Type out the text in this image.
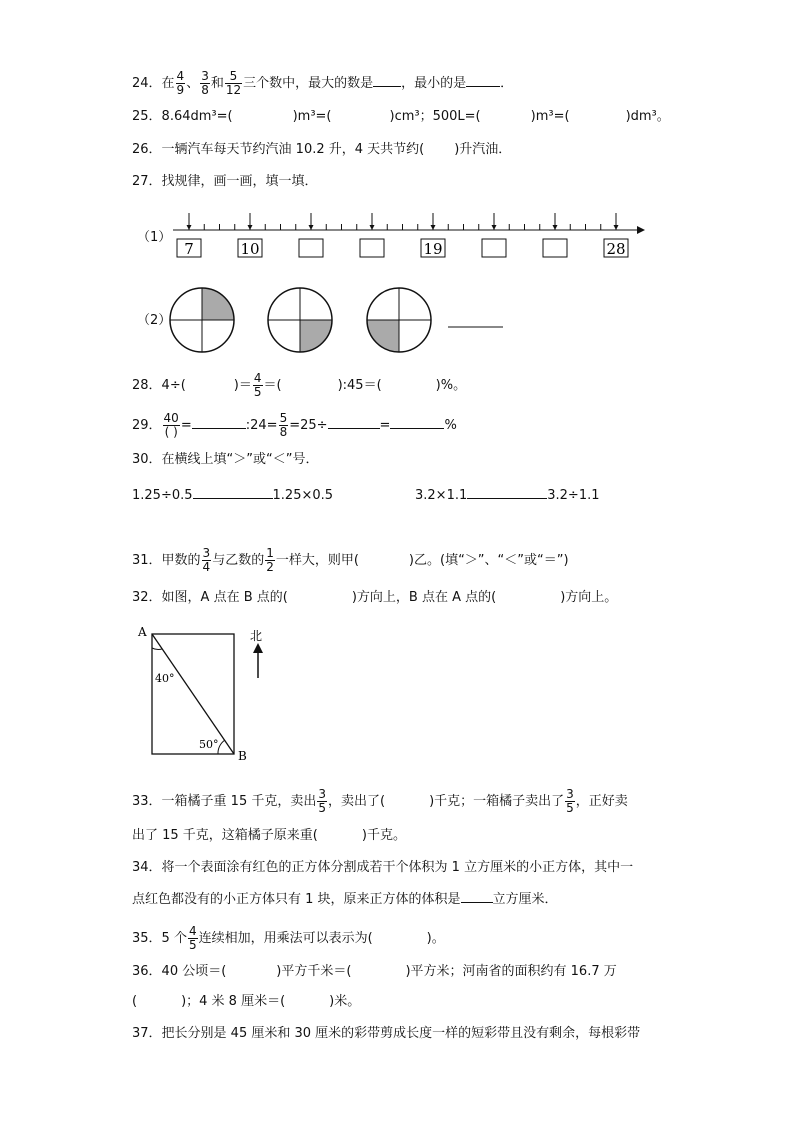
24．在 $\frac{4}{9}$ 、 $\frac{3}{8}$ 和 $\frac{5}{12}$ 三个数中，最大的数是 ，最小的是	．
25．8.64dm³=(	)m³=(	)cm³；500L=(	)m³=(	)dm³。
26．一辆汽车每天节约汽油 10.2 升，4 天共节约( )升汽油．
27．找规律，画一画，填一填．
（1）
7	10	19	28
（2）
28．4÷(	)＝ $\frac{4}{5}$ ＝(	):45＝(	)%。
29． $\frac{40}{( )}$ =	:24= $\frac{5}{8} =25\div$	=	%
30．在横线上填“＞”或“＜”号．
1.25÷0.5	1.25×0.5	3.2×1.1	3.2÷1.1
31．甲数的 $\frac{3}{4}$ 与乙数的 $\frac{1}{2}$ 一样大，则甲(	)乙。(填“＞”、“＜”或“＝”)
32．如图，A 点在 B 点的(	)方向上，B 点在 A 点的(	)方向上。
A
B
40°
50°
北
33．一箱橘子重 15 千克，卖出 $\frac{3}{5}$ ，卖出了(	)千克；一箱橘子卖出了 $\frac{3}{5}$ ，正好卖
出了 15 千克，这箱橘子原来重(	)千克。
34．将一个表面涂有红色的正方体分割成若干个体积为 1 立方厘米的小正方体，其中一
点红色都没有的小正方体只有 1 块，原来正方体的体积是 立方厘米．
35．5 个 $\frac{4}{5}$ 连续相加，用乘法可以表示为(	)。
36．40 公顷＝(	)平方千米＝(	)平方米；河南省的面积约有 16.7 万
(	)；4 米 8 厘米＝(	)米。
37．把长分别是 45 厘米和 30 厘米的彩带剪成长度一样的短彩带且没有剩余，每根彩带
